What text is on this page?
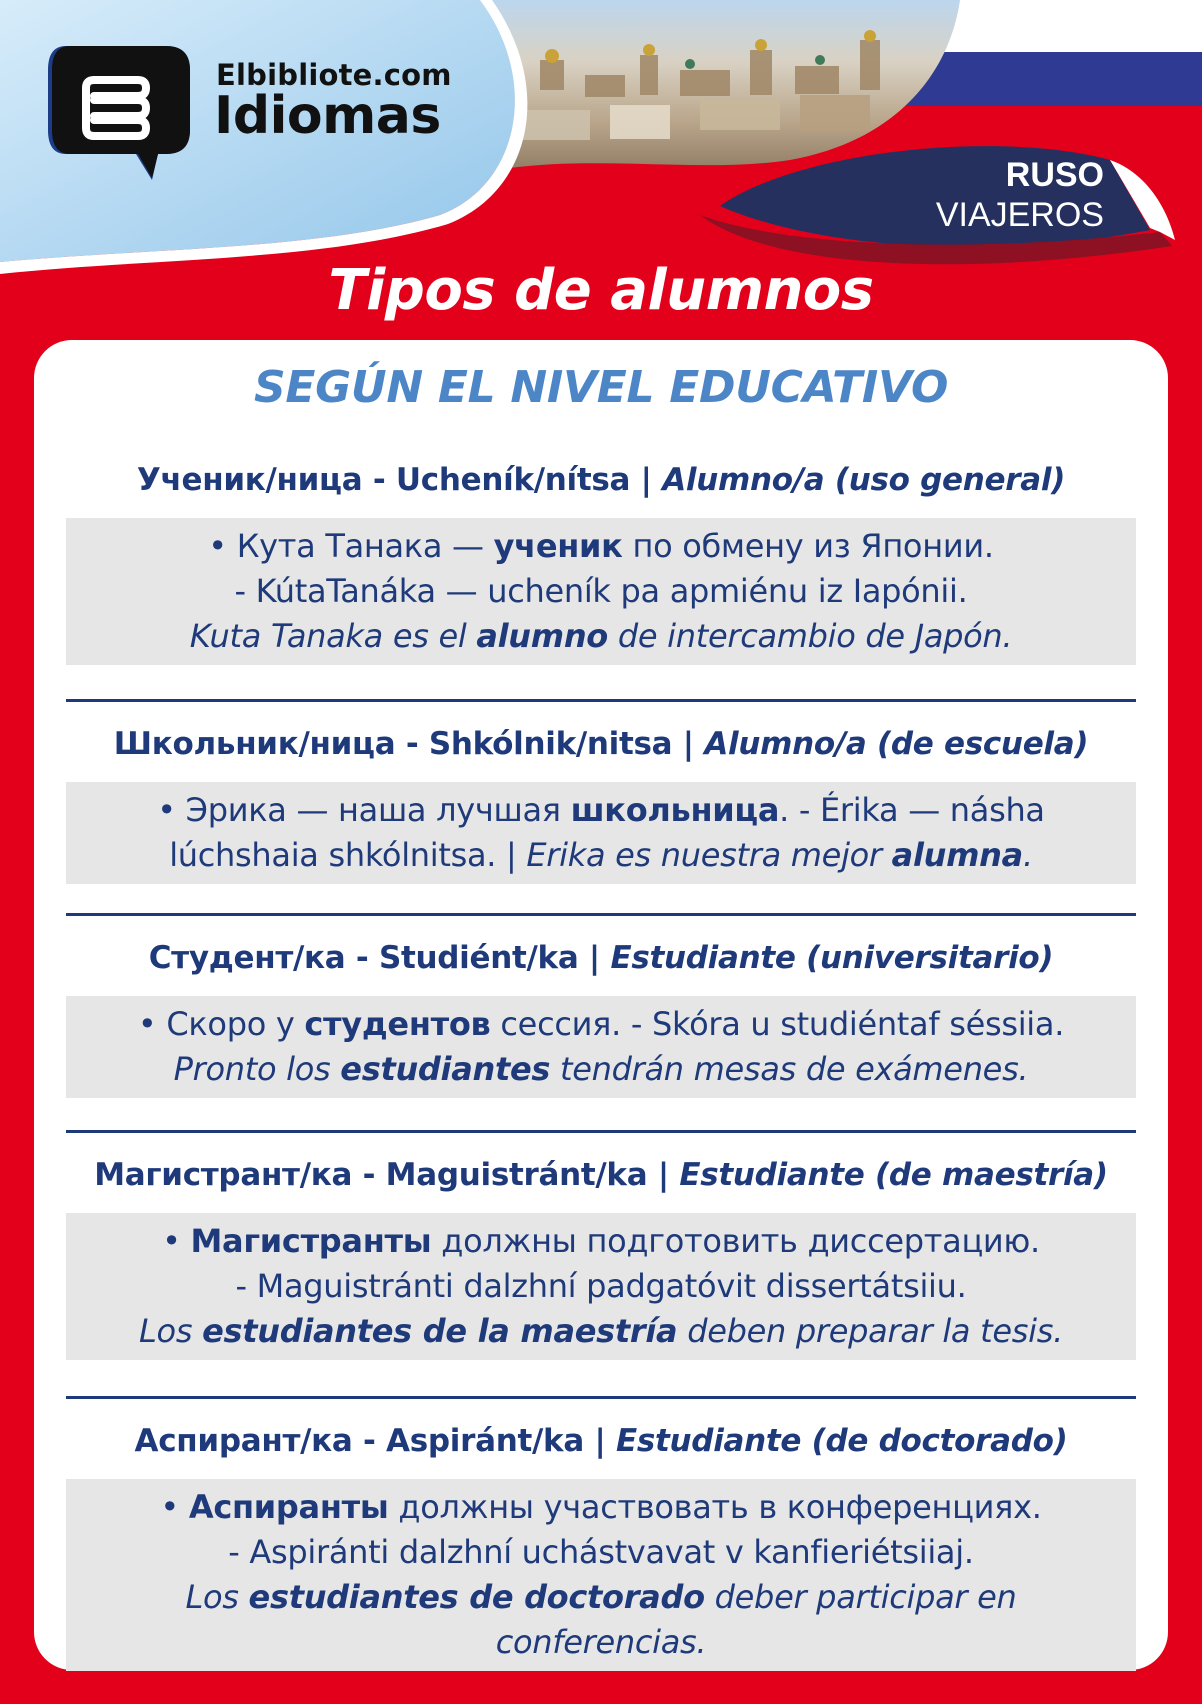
Elbibliote.com
Idiomas
RUSO
VIAJEROS
Tipos de alumnos
SEGÚN EL NIVEL EDUCATIVO
Ученик/ница - Ucheník/nítsa | Alumno/a (uso general)
• Кута Танака — ученик по обмену из Японии.
- KútaTanáka — ucheník pa apmiénu iz Iapónii.
Kuta Tanaka es el alumno de intercambio de Japón.
Школьник/ница - Shkólnik/nitsa | Alumno/a (de escuela)
• Эрика — наша лучшая школьница. - Érika — násha
lúchshaia shkólnitsa. | Erika es nuestra mejor alumna.
Студент/ка - Studiént/ka | Estudiante (universitario)
• Скоро у студентов сессия. - Skóra u studiéntaf séssiia.
Pronto los estudiantes tendrán mesas de exámenes.
Магистрант/ка - Maguistránt/ka | Estudiante (de maestría)
• Магистранты должны подготовить диссертацию.
- Maguistránti dalzhní padgatóvit dissertátsiiu.
Los estudiantes de la maestría deben preparar la tesis.
Аспирант/ка - Aspiránt/ka | Estudiante (de doctorado)
• Аспиранты должны участвовать в конференциях.
- Aspiránti dalzhní uchástvavat v kanfieriétsiiaj.
Los estudiantes de doctorado deber participar en conferencias.
